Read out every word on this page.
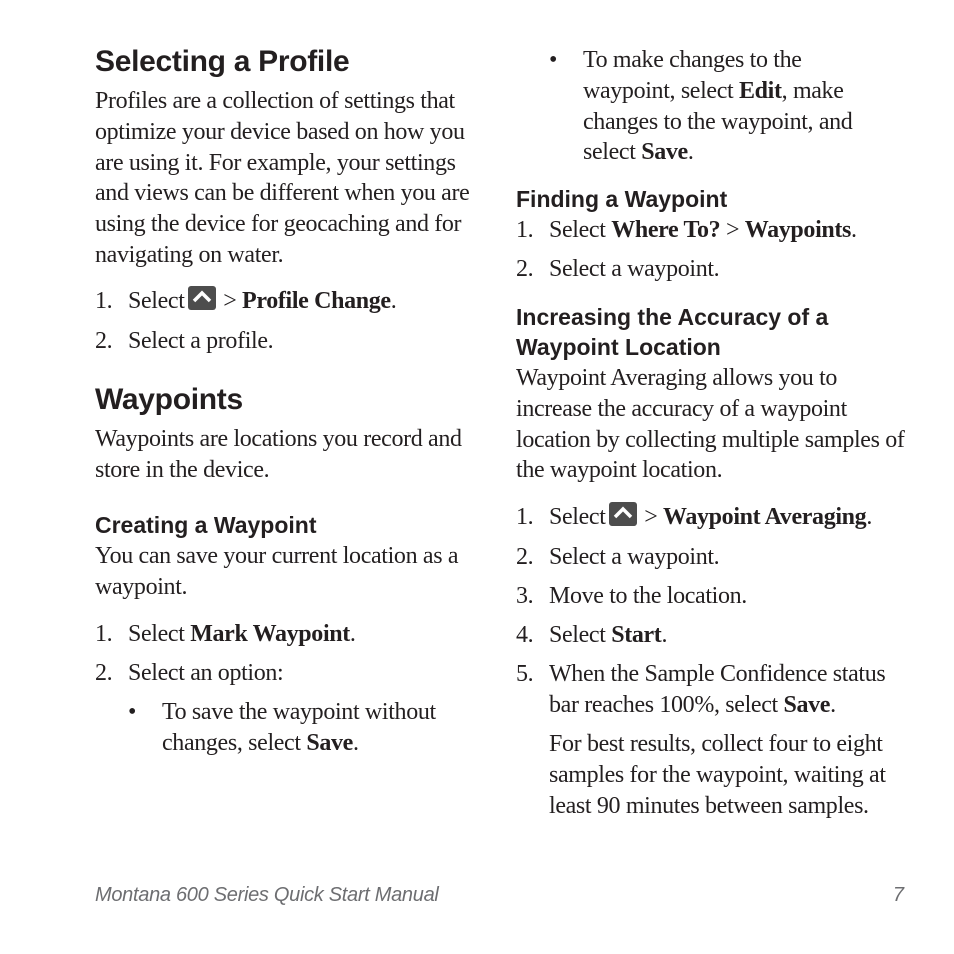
Selecting a Profile

Profiles are a collection of settings that optimize your device based on how you are using it. For example, your settings and views can be different when you are using the device for geocaching and for navigating on water.

1. Select > Profile Change.
2. Select a profile.
Waypoints

Waypoints are locations you record and store in the device.

Creating a Waypoint

You can save your current location as a waypoint.

1. Select Mark Waypoint.
2. Select an option:
• To save the waypoint without changes, select Save.
• To make changes to the waypoint, select Edit, make changes to the waypoint, and select Save.
Finding a Waypoint
1. Select Where To? > Waypoints.
2. Select a waypoint.
Increasing the Accuracy of a
Waypoint Location

Waypoint Averaging allows you to increase the accuracy of a waypoint location by collecting multiple samples of the waypoint location.

1. Select > Waypoint Averaging.
2. Select a waypoint.
3. Move to the location.
4. Select Start.
5. When the Sample Confidence status bar reaches 100%, select Save.

For best results, collect four to eight samples for the waypoint, waiting at least 90 minutes between samples.

Montana 600 Series Quick Start Manual	7
